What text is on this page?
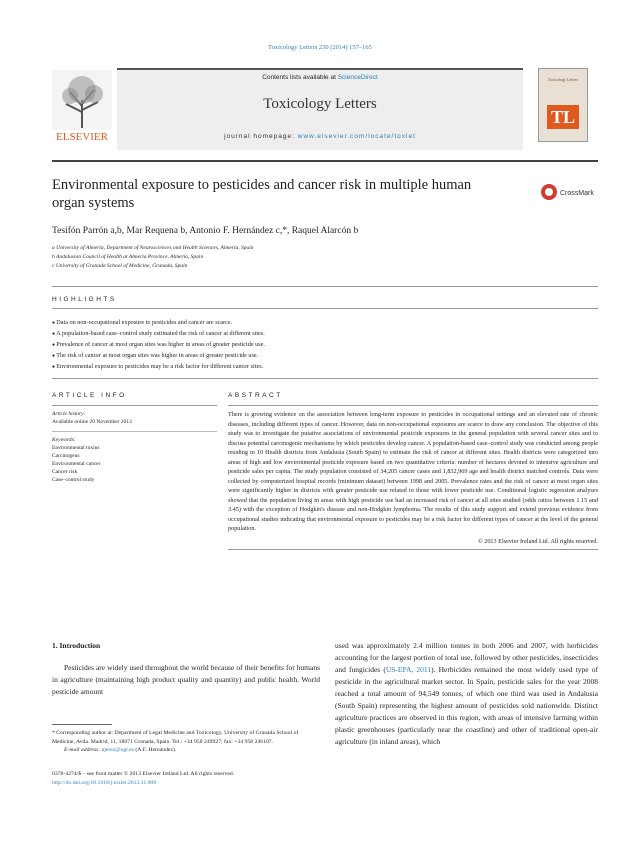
Toxicology Letters 230 (2014) 157–165
ELSEVIER
Contents lists available at ScienceDirect
Toxicology Letters
journal homepage: www.elsevier.com/locate/toxlet
Toxicology Letters
TL
Environmental exposure to pesticides and cancer risk in multiple human organ systems
CrossMark
Tesifón Parrón a,b, Mar Requena b, Antonio F. Hernández c,*, Raquel Alarcón b
a University of Almería, Department of Neurosciences and Health Sciences, Almería, Spain
b Andalusian Council of Health at Almería Province, Almería, Spain
c University of Granada School of Medicine, Granada, Spain
HIGHLIGHTS
● Data on non-occupational exposure to pesticides and cancer are scarce.
● A population-based case–control study estimated the risk of cancer at different sites.
● Prevalence of cancer at most organ sites was higher in areas of greater pesticide use.
● The risk of cancer at most organ sites was higher in areas of greater pesticide use.
● Environmental exposure to pesticides may be a risk factor for different cancer sites.
ARTICLE INFO
Article history:
Available online 20 November 2013
Keywords:
Environmental toxins
Carcinogens
Environmental cancer
Cancer risk
Case–control study
ABSTRACT
There is growing evidence on the association between long-term exposure to pesticides in occupational settings and an elevated rate of chronic diseases, including different types of cancer. However, data on non-occupational exposures are scarce to draw any conclusion. The objective of this study was to investigate the putative associations of environmental pesticide exposures in the general population with several cancer sites and to discuss potential carcinogenic mechanisms by which pesticides develop cancer. A population-based case–control study was conducted among people residing in 10 Health districts from Andalusia (South Spain) to estimate the risk of cancer at different sites. Health districts were categorized into areas of high and low environmental pesticide exposure based on two quantitative criteria: number of hectares devoted to intensive agriculture and pesticide sales per capita. The study population consisted of 34,205 cancer cases and 1,832,969 age and health district matched controls. Data were collected by computerized hospital records (minimum dataset) between 1998 and 2005. Prevalence rates and the risk of cancer at most organ sites were significantly higher in districts with greater pesticide use related to those with lower pesticide use. Conditional logistic regression analyses showed that the population living in areas with high pesticide use had an increased risk of cancer at all sites studied (odds ratios between 1.15 and 3.45) with the exception of Hodgkin's disease and non-Hodgkin lymphoma. The results of this study support and extend previous evidence from occupational studies indicating that environmental exposure to pesticides may be a risk factor for different types of cancer at the level of the general population.
© 2013 Elsevier Ireland Ltd. All rights reserved.
1. Introduction
Pesticides are widely used throughout the world because of their benefits for humans in agriculture (maintaining high product quality and quantity) and public health. World pesticide amount
used was approximately 2.4 million tonnes in both 2006 and 2007, with herbicides accounting for the largest portion of total use, followed by other pesticides, insecticides and fungicides (US-EPA, 2011). Herbicides remained the most widely used type of pesticide in the agricultural market sector. In Spain, pesticide sales for the year 2008 reached a total amount of 94,549 tonnes, of which one third was used in Andalusia (South Spain) representing the highest amount of pesticides sold nationwide. Distinct agriculture practices are observed in this region, with areas of intensive farming within plastic greenhouses (particularly near the coastline) and other of traditional open-air agriculture (in inland areas), which
* Corresponding author at: Department of Legal Medicine and Toxicology, University of Granada School of Medicine, Avda. Madrid, 11, 18071 Granada, Spain. Tel.: +34 958 249927; fax: +34 958 246107.
E-mail address: ajerez@ugr.es (A.F. Hernández).
0378-4274/$ – see front matter © 2013 Elsevier Ireland Ltd. All rights reserved.
http://dx.doi.org/10.1016/j.toxlet.2013.11.009
